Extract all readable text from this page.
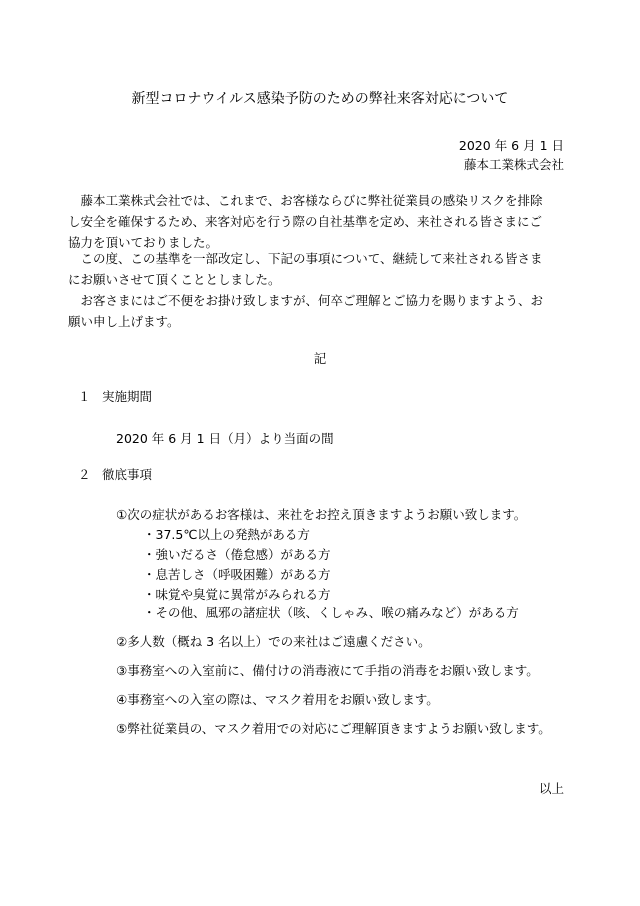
新型コロナウイルス感染予防のための弊社来客対応について
2020 年 6 月 1 日
藤本工業株式会社
　藤本工業株式会社では、これまで、お客様ならびに弊社従業員の感染リスクを排除
し安全を確保するため、来客対応を行う際の自社基準を定め、来社される皆さまにご
協力を頂いておりました。
　この度、この基準を一部改定し、下記の事項について、継続して来社される皆さま
にお願いさせて頂くこととしました。
　お客さまにはご不便をお掛け致しますが、何卒ご理解とご協力を賜りますよう、お
願い申し上げます。
記
１ 実施期間
2020 年 6 月 1 日（月）より当面の間
２ 徹底事項
①次の症状があるお客様は、来社をお控え頂きますようお願い致します。
・37.5℃以上の発熱がある方
・強いだるさ（倦怠感）がある方
・息苦しさ（呼吸困難）がある方
・味覚や臭覚に異常がみられる方
・その他、風邪の諸症状（咳、くしゃみ、喉の痛みなど）がある方
②多人数（概ね 3 名以上）での来社はご遠慮ください。
③事務室への入室前に、備付けの消毒液にて手指の消毒をお願い致します。
④事務室への入室の際は、マスク着用をお願い致します。
⑤弊社従業員の、マスク着用での対応にご理解頂きますようお願い致します。
以上
